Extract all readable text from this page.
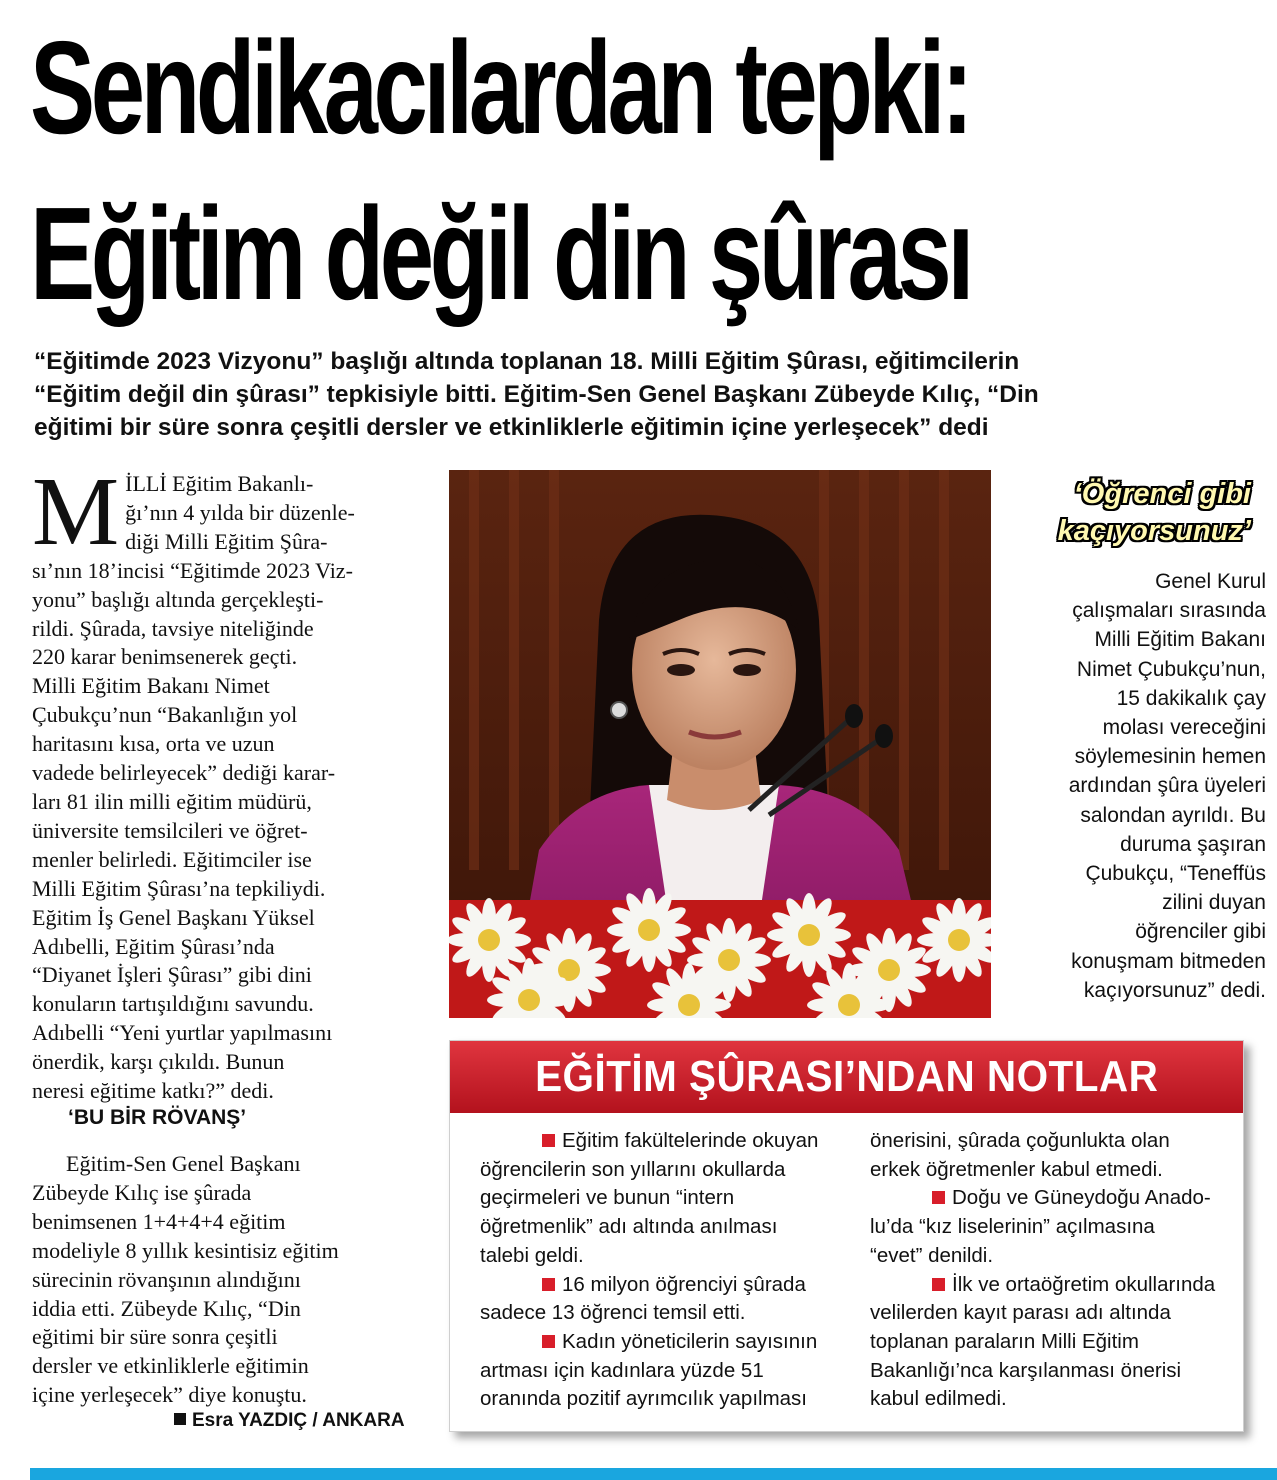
Sendikacılardan tepki:
Eğitim değil din şûrası
“Eğitimde 2023 Vizyonu” başlığı altında toplanan 18. Milli Eğitim Şûrası, eğitimcilerin
“Eğitim değil din şûrası” tepkisiyle bitti. Eğitim-Sen Genel Başkanı Zübeyde Kılıç, “Din
eğitimi bir süre sonra çeşitli dersler ve etkinliklerle eğitimin içine yerleşecek” dedi
M İLLİ Eğitim Bakanlı-
ğı’nın 4 yılda bir düzenle-
diği Milli Eğitim Şûra-
sı’nın 18’incisi “Eğitimde 2023 Viz-
yonu” başlığı altında gerçekleşti-
rildi. Şûrada, tavsiye niteliğinde
220 karar benimsenerek geçti.
Milli Eğitim Bakanı Nimet
Çubukçu’nun “Bakanlığın yol
haritasını kısa, orta ve uzun
vadede belirleyecek” dediği karar-
ları 81 ilin milli eğitim müdürü,
üniversite temsilcileri ve öğret-
menler belirledi. Eğitimciler ise
Milli Eğitim Şûrası’na tepkiliydi.
Eğitim İş Genel Başkanı Yüksel
Adıbelli, Eğitim Şûrası’nda
“Diyanet İşleri Şûrası” gibi dini
konuların tartışıldığını savundu.
Adıbelli “Yeni yurtlar yapılmasını
önerdik, karşı çıkıldı. Bunun
neresi eğitime katkı?” dedi.
‘BU BİR RÖVANŞ’
Eğitim-Sen Genel Başkanı
Zübeyde Kılıç ise şûrada
benimsenen 1+4+4+4 eğitim
modeliyle 8 yıllık kesintisiz eğitim
sürecinin rövanşının alındığını
iddia etti. Zübeyde Kılıç, “Din
eğitimi bir süre sonra çeşitli
dersler ve etkinliklerle eğitimin
içine yerleşecek” diye konuştu.
Esra YAZDIÇ / ANKARA
‘Öğrenci gibi
kaçıyorsunuz’
Genel Kurul
çalışmaları sırasında
Milli Eğitim Bakanı
Nimet Çubukçu’nun,
15 dakikalık çay
molası vereceğini
söylemesinin hemen
ardından şûra üyeleri
salondan ayrıldı. Bu
duruma şaşıran
Çubukçu, “Teneffüs
zilini duyan
öğrenciler gibi
konuşmam bitmeden
kaçıyorsunuz” dedi.
EĞİTİM ŞÛRASI’NDAN NOTLAR

Eğitim fakültelerinde okuyan

öğrencilerin son yıllarını okullarda

geçirmeleri ve bunun “intern

öğretmenlik” adı altında anılması

talebi geldi.

16 milyon öğrenciyi şûrada

sadece 13 öğrenci temsil etti.

Kadın yöneticilerin sayısının

artması için kadınlara yüzde 51

oranında pozitif ayrımcılık yapılması

önerisini, şûrada çoğunlukta olan

erkek öğretmenler kabul etmedi.

Doğu ve Güneydoğu Anado-

lu’da “kız liselerinin” açılmasına

“evet” denildi.

İlk ve ortaöğretim okullarında

velilerden kayıt parası adı altında

toplanan paraların Milli Eğitim

Bakanlığı’nca karşılanması önerisi

kabul edilmedi.
